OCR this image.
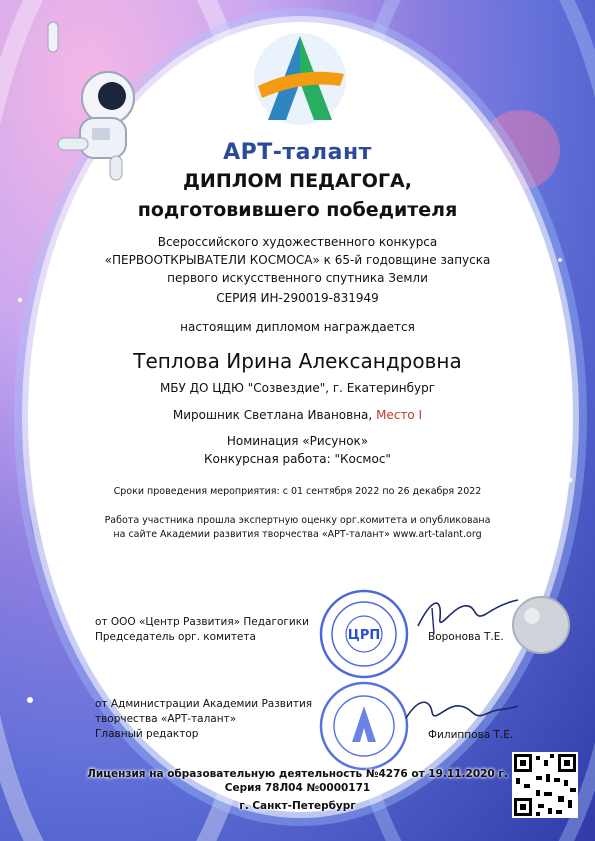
АРТ-талант
ДИПЛОМ ПЕДАГОГА,
подготовившего победителя
Всероссийского художественного конкурса
«ПЕРВООТКРЫВАТЕЛИ КОСМОСА» к 65-й годовщине запуска
первого искусственного спутника Земли
СЕРИЯ ИН-290019-831949
настоящим дипломом награждается
Теплова Ирина Александровна
МБУ ДО ЦДЮ "Созвездие", г. Екатеринбург
Мирошник Светлана Ивановна, Место I
Номинация «Рисунок»
Конкурсная работа: "Космос"
Сроки проведения мероприятия: с 01 сентября 2022 по 26 декабря 2022
Работа участника прошла экспертную оценку орг.комитета и опубликована
на сайте Академии развития творчества «АРТ-талант» www.art-talant.org
от ООО «Центр Развития» Педагогики
Председатель орг. комитета	Воронова Т.Е.
от Администрации Академии Развития
творчества «АРТ-талант»
Главный редактор	Филиппова Т.Е.
ЦРП
Лицензия на образовательную деятельность №4276 от 19.11.2020 г.
Серия 78Л04 №0000171
г. Санкт-Петербург
